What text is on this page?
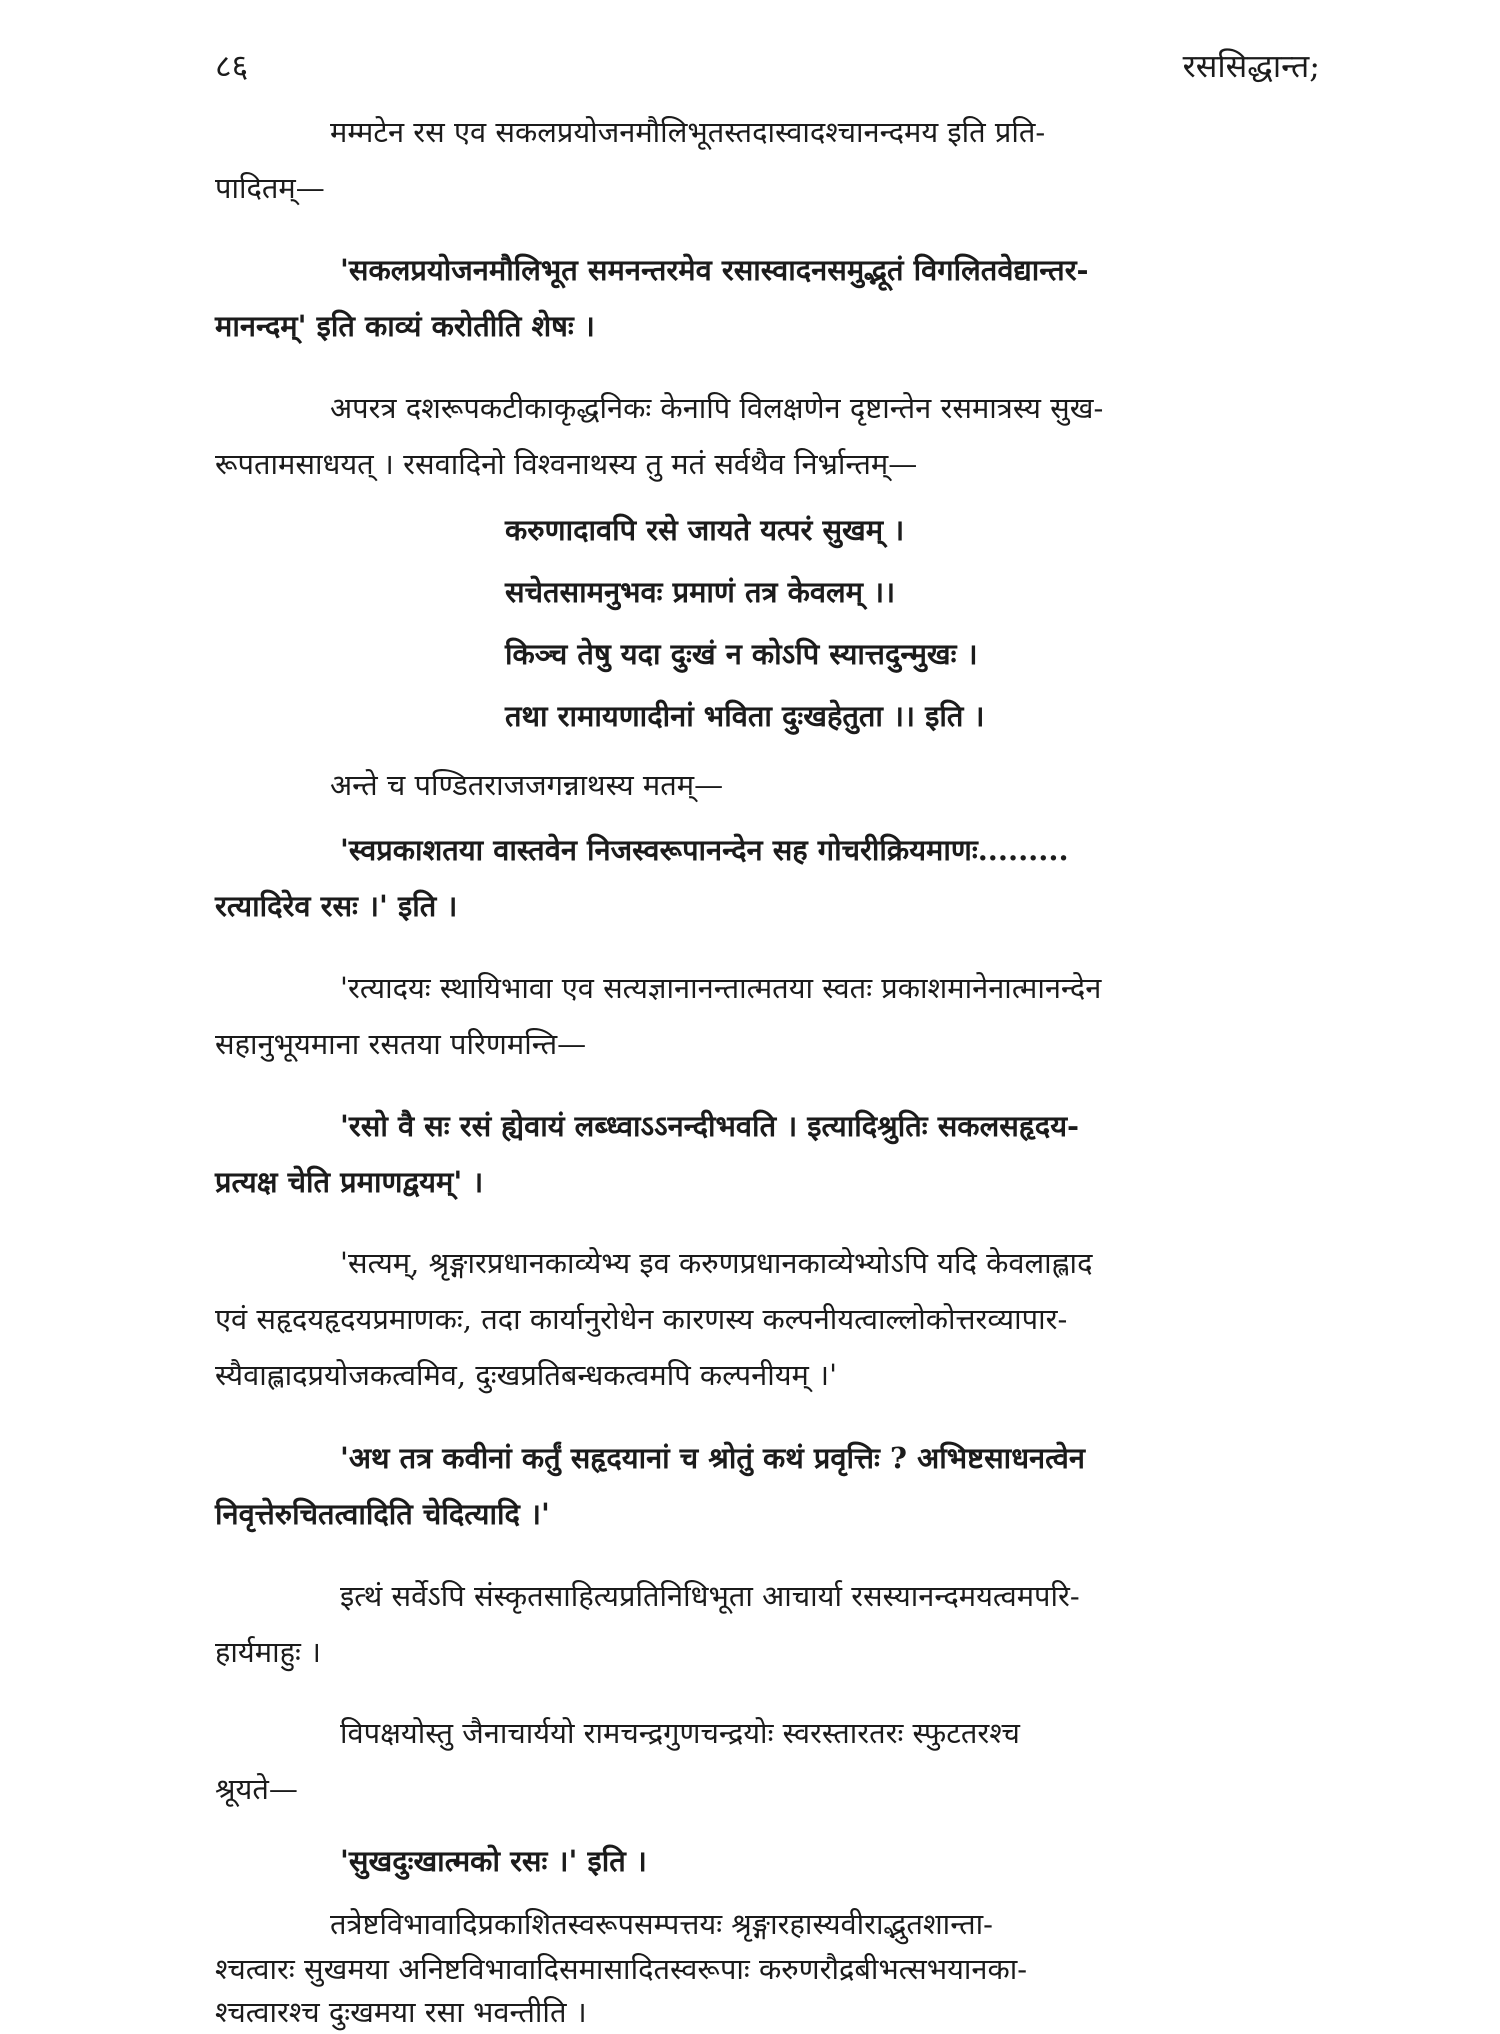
८६	रससिद्धान्त;
मम्मटेन रस एव सकलप्रयोजनमौलिभूतस्तदास्वादश्चानन्दमय इति प्रति-
पादितम्—
'सकलप्रयोजनमौलिभूत समनन्तरमेव रसास्वादनसमुद्भूतं विगलितवेद्यान्तर-
मानन्दम्' इति काव्यं करोतीति शेषः ।
अपरत्र दशरूपकटीकाकृद्धनिकः केनापि विलक्षणेन दृष्टान्तेन रसमात्रस्य सुख-
रूपतामसाधयत् । रसवादिनो विश्वनाथस्य तु मतं सर्वथैव निर्भ्रान्तम्—
करुणादावपि रसे जायते यत्परं सुखम् ।
सचेतसामनुभवः प्रमाणं तत्र केवलम् ।।
किञ्च तेषु यदा दुःखं न कोऽपि स्यात्तदुन्मुखः ।
तथा रामायणादीनां भविता दुःखहेतुता ।। इति ।
अन्ते च पण्डितराजजगन्नाथस्य मतम्—
'स्वप्रकाशतया वास्तवेन निजस्वरूपानन्देन सह गोचरीक्रियमाणः.........
रत्यादिरेव रसः ।' इति ।
'रत्यादयः स्थायिभावा एव सत्यज्ञानानन्तात्मतया स्वतः प्रकाशमानेनात्मानन्देन
सहानुभूयमाना रसतया परिणमन्ति—
'रसो वै सः रसं ह्येवायं लब्ध्वाऽऽनन्दीभवति । इत्यादिश्रुतिः सकलसहृदय-
प्रत्यक्ष चेति प्रमाणद्वयम्' ।
'सत्यम्, श्रृङ्गारप्रधानकाव्येभ्य इव करुणप्रधानकाव्येभ्योऽपि यदि केवलाह्लाद
एवं सहृदयहृदयप्रमाणकः, तदा कार्यानुरोधेन कारणस्य कल्पनीयत्वाल्लोकोत्तरव्यापार-
स्यैवाह्लादप्रयोजकत्वमिव, दुःखप्रतिबन्धकत्वमपि कल्पनीयम् ।'
'अथ तत्र कवीनां कर्तुं सहृदयानां च श्रोतुं कथं प्रवृत्तिः ? अभिष्टसाधनत्वेन
निवृत्तेरुचितत्वादिति चेदित्यादि ।'
इत्थं सर्वेऽपि संस्कृतसाहित्यप्रतिनिधिभूता आचार्या रसस्यानन्दमयत्वमपरि-
हार्यमाहुः ।
विपक्षयोस्तु जैनाचार्ययो रामचन्द्रगुणचन्द्रयोः स्वरस्तारतरः स्फुटतरश्च
श्रूयते—
'सुखदुःखात्मको रसः ।' इति ।
तत्रेष्टविभावादिप्रकाशितस्वरूपसम्पत्तयः श्रृङ्गारहास्यवीराद्भुतशान्ता-
श्चत्वारः सुखमया अनिष्टविभावादिसमासादितस्वरूपाः करुणरौद्रबीभत्सभयानका-
श्चत्वारश्च दुःखमया रसा भवन्तीति ।
